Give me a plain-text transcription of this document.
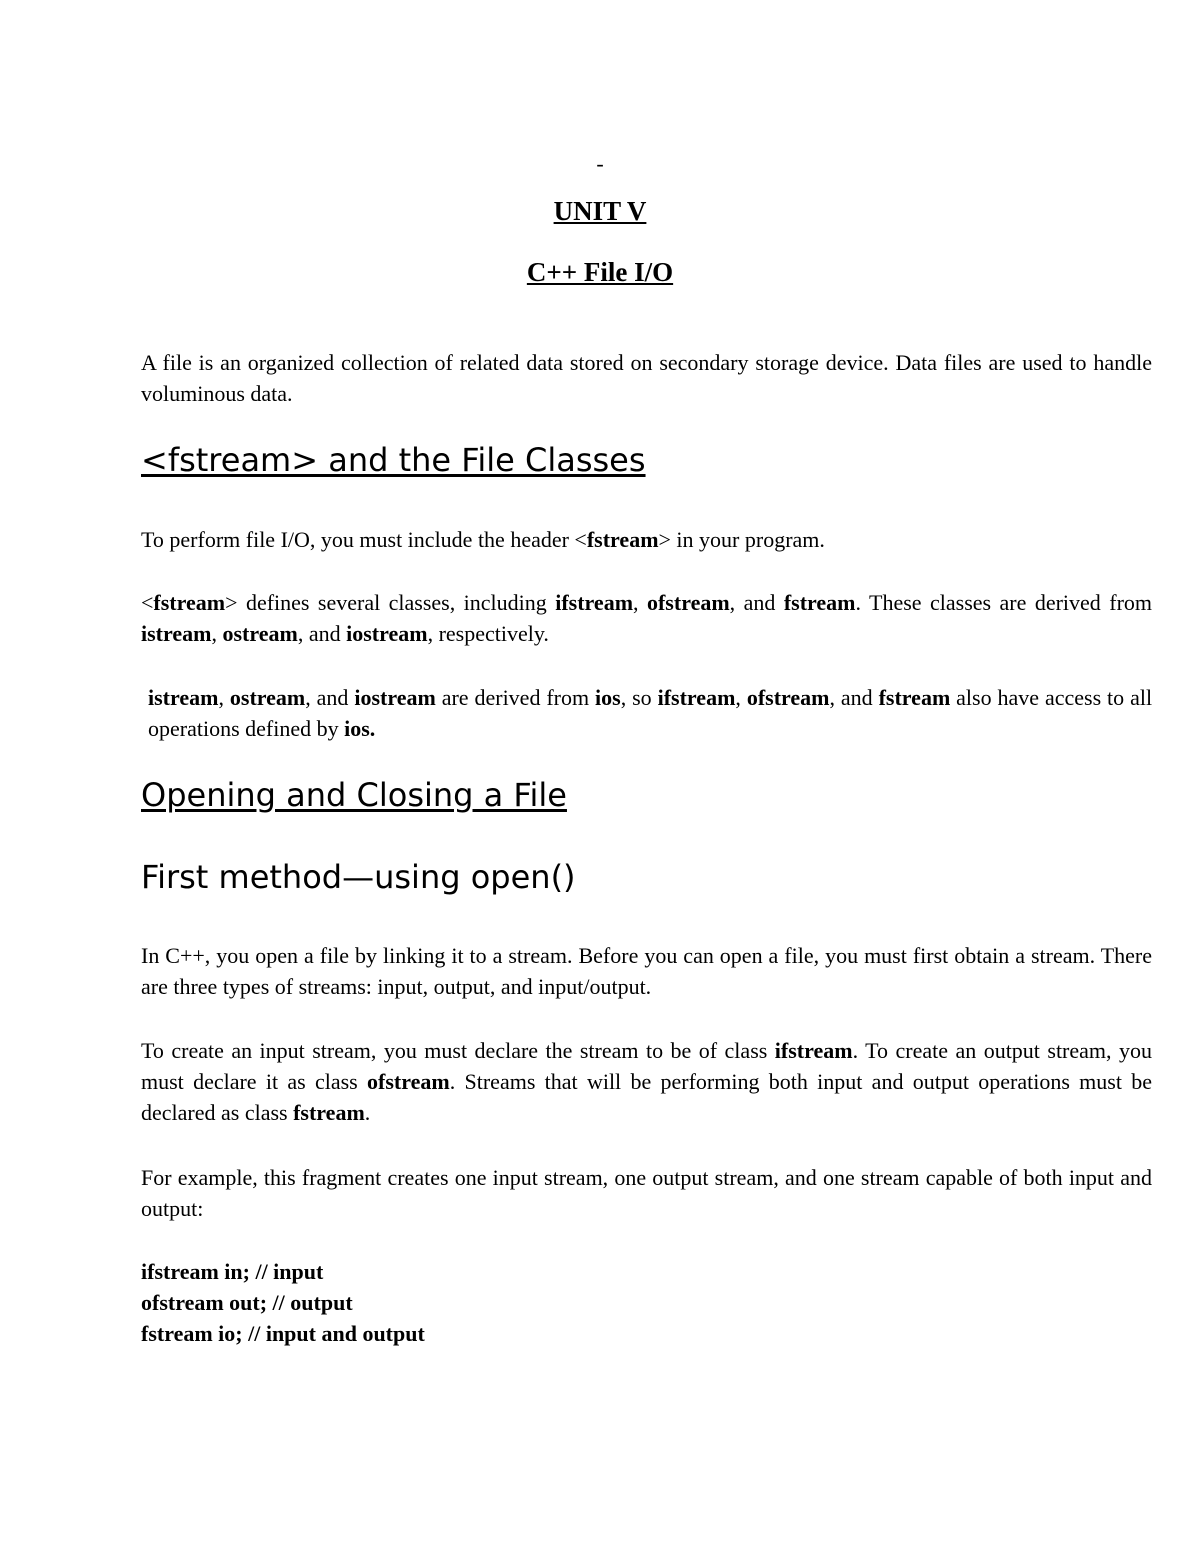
-
UNIT V
C++ File I/O
A file is an organized collection of related data stored on secondary storage device. Data files are used to handle voluminous data.
<fstream> and the File Classes
To perform file I/O, you must include the header <fstream> in your program.
<fstream> defines several classes, including ifstream, ofstream, and fstream. These classes are derived from istream, ostream, and iostream, respectively.
istream, ostream, and iostream are derived from ios, so ifstream, ofstream, and fstream also have access to all operations defined by ios.
Opening and Closing a File
First method—using open()
In C++, you open a file by linking it to a stream. Before you can open a file, you must first obtain a stream. There are three types of streams: input, output, and input/output.
To create an input stream, you must declare the stream to be of class ifstream. To create an output stream, you must declare it as class ofstream. Streams that will be performing both input and output operations must be declared as class fstream.
For example, this fragment creates one input stream, one output stream, and one stream capable of both input and output:
ifstream in; // input
ofstream out; // output
fstream io; // input and output
